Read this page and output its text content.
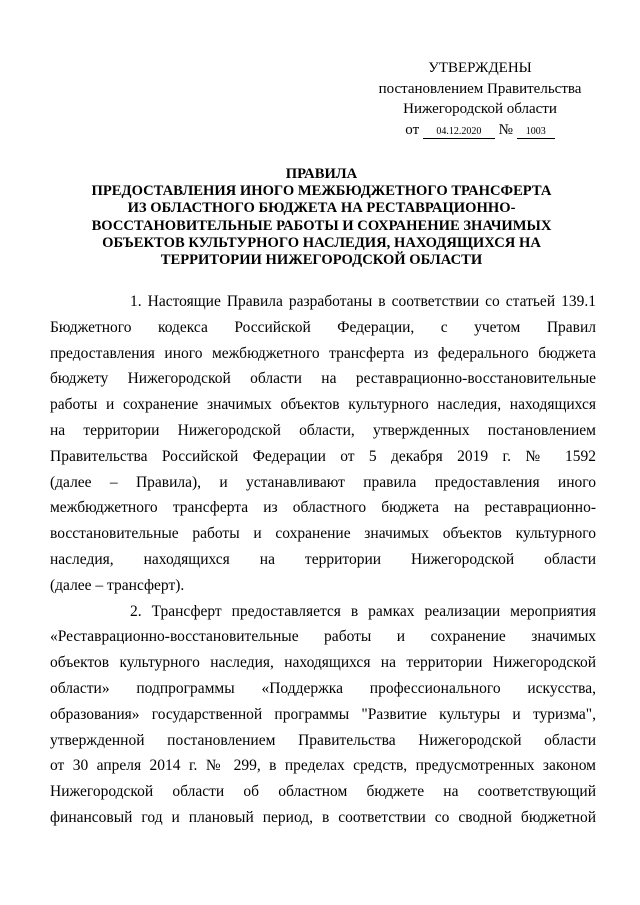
УТВЕРЖДЕНЫ
постановлением Правительства
Нижегородской области
от 04.12.2020 № 1003
ПРАВИЛА
ПРЕДОСТАВЛЕНИЯ ИНОГО МЕЖБЮДЖЕТНОГО ТРАНСФЕРТА
ИЗ ОБЛАСТНОГО БЮДЖЕТА НА РЕСТАВРАЦИОННО-
ВОССТАНОВИТЕЛЬНЫЕ РАБОТЫ И СОХРАНЕНИЕ ЗНАЧИМЫХ
ОБЪЕКТОВ КУЛЬТУРНОГО НАСЛЕДИЯ, НАХОДЯЩИХСЯ НА
ТЕРРИТОРИИ НИЖЕГОРОДСКОЙ ОБЛАСТИ
1. Настоящие Правила разработаны в соответствии со статьей 139.1
Бюджетного кодекса Российской Федерации, с учетом Правил
предоставления иного межбюджетного трансферта из федерального бюджета
бюджету Нижегородской области на реставрационно-восстановительные
работы и сохранение значимых объектов культурного наследия, находящихся
на территории Нижегородской области, утвержденных постановлением
Правительства Российской Федерации от 5 декабря 2019 г. № 1592
(далее – Правила), и устанавливают правила предоставления иного
межбюджетного трансферта из областного бюджета на реставрационно-
восстановительные работы и сохранение значимых объектов культурного
наследия, находящихся на территории Нижегородской области
(далее – трансферт).
2. Трансферт предоставляется в рамках реализации мероприятия
«Реставрационно-восстановительные работы и сохранение значимых
объектов культурного наследия, находящихся на территории Нижегородской
области» подпрограммы «Поддержка профессионального искусства,
образования» государственной программы "Развитие культуры и туризма",
утвержденной постановлением Правительства Нижегородской области
от 30 апреля 2014 г. № 299, в пределах средств, предусмотренных законом
Нижегородской области об областном бюджете на соответствующий
финансовый год и плановый период, в соответствии со сводной бюджетной
